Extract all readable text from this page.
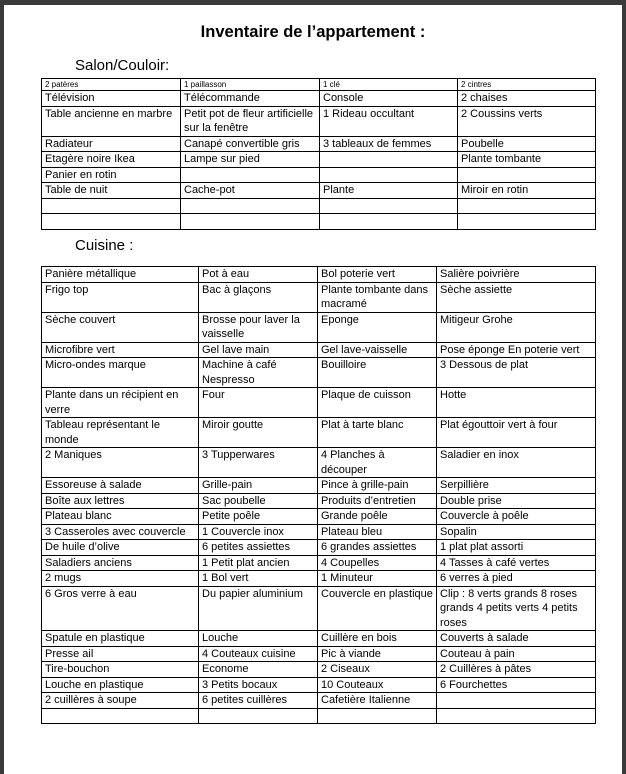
Inventaire de l’appartement :
Salon/Couloir:
2 patères	1 paillasson	1 clé	2 cintres
Télévision	Télécommande	Console	2 chaises
Table ancienne en marbre	Petit pot de fleur artificielle sur la fenêtre	1 Rideau occultant	2 Coussins verts
Radiateur	Canapé convertible gris	3 tableaux de femmes	Poubelle
Etagère noire Ikea	Lampe sur pied		Plante tombante
Panier en rotin			
Table de nuit	Cache-pot	Plante	Miroir en rotin

Cuisine :
Panière métallique	Pot à eau	Bol poterie vert	Salière poivrière
Frigo top	Bac à glaçons	Plante tombante dans macramé	Sèche assiette
Sèche couvert	Brosse pour laver la vaisselle	Eponge	Mitigeur Grohe
Microfibre vert	Gel lave main	Gel lave-vaisselle	Pose éponge En poterie vert
Micro-ondes marque	Machine à café Nespresso	Bouilloire	3 Dessous de plat
Plante dans un récipient en verre	Four	Plaque de cuisson	Hotte
Tableau représentant le monde	Miroir goutte	Plat à tarte blanc	Plat égouttoir vert à four
2 Maniques	3 Tupperwares	4 Planches à découper	Saladier en inox
Essoreuse à salade	Grille-pain	Pince à grille-pain	Serpillière
Boîte aux lettres	Sac poubelle	Produits d’entretien	Double prise
Plateau blanc	Petite poêle	Grande poêle	Couvercle à poêle
3 Casseroles avec couvercle	1 Couvercle inox	Plateau bleu	Sopalin
De huile d’olive	6 petites assiettes	6 grandes assiettes	1 plat plat assorti
Saladiers anciens	1 Petit plat ancien	4 Coupelles	4 Tasses à café vertes
2 mugs	1 Bol vert	1 Minuteur	6 verres à pied
6 Gros verre à eau	Du papier aluminium	Couvercle en plastique	Clip : 8 verts grands 8 roses grands 4 petits verts 4 petits roses
Spatule en plastique	Louche	Cuillère en bois	Couverts à salade
Presse ail	4 Couteaux cuisine	Pic à viande	Couteau à pain
Tire-bouchon	Econome	2 Ciseaux	2 Cuillères à pâtes
Louche en plastique	3 Petits bocaux	10 Couteaux	6 Fourchettes
2 cuillères à soupe	6 petites cuillères	Cafetière Italienne	
